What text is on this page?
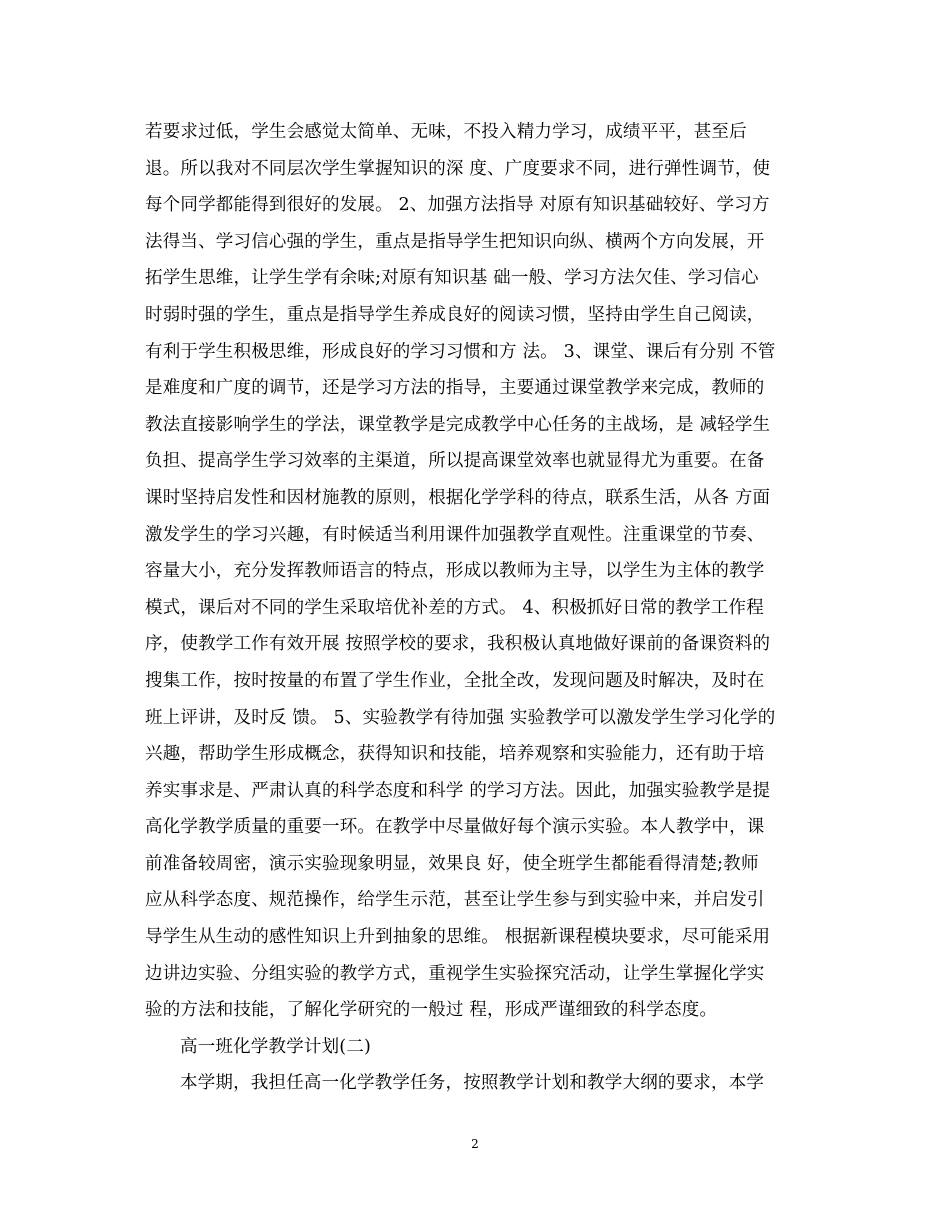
若要求过低，学生会感觉太简单、无味，不投入精力学习，成绩平平，甚至后
退。所以我对不同层次学生掌握知识的深 度、广度要求不同，进行弹性调节，使
每个同学都能得到很好的发展。 2、加强方法指导 对原有知识基础较好、学习方
法得当、学习信心强的学生，重点是指导学生把知识向纵、横两个方向发展，开
拓学生思维，让学生学有余味;对原有知识基 础一般、学习方法欠佳、学习信心
时弱时强的学生，重点是指导学生养成良好的阅读习惯，坚持由学生自己阅读，
有利于学生积极思维，形成良好的学习习惯和方 法。 3、课堂、课后有分别 不管
是难度和广度的调节，还是学习方法的指导，主要通过课堂教学来完成，教师的
教法直接影响学生的学法，课堂教学是完成教学中心任务的主战场，是 减轻学生
负担、提高学生学习效率的主渠道，所以提高课堂效率也就显得尤为重要。在备
课时坚持启发性和因材施教的原则，根据化学学科的待点，联系生活，从各 方面
激发学生的学习兴趣，有时候适当利用课件加强教学直观性。注重课堂的节奏、
容量大小，充分发挥教师语言的特点，形成以教师为主导，以学生为主体的教学
模式，课后对不同的学生采取培优补差的方式。 4、积极抓好日常的教学工作程
序，使教学工作有效开展 按照学校的要求，我积极认真地做好课前的备课资料的
搜集工作，按时按量的布置了学生作业，全批全改，发现问题及时解决，及时在
班上评讲，及时反 馈。 5、实验教学有待加强 实验教学可以激发学生学习化学的
兴趣，帮助学生形成概念，获得知识和技能，培养观察和实验能力，还有助于培
养实事求是、严肃认真的科学态度和科学 的学习方法。因此，加强实验教学是提
高化学教学质量的重要一环。在教学中尽量做好每个演示实验。本人教学中，课
前准备较周密，演示实验现象明显，效果良 好，使全班学生都能看得清楚;教师
应从科学态度、规范操作，给学生示范，甚至让学生参与到实验中来，并启发引
导学生从生动的感性知识上升到抽象的思维。 根据新课程模块要求，尽可能采用
边讲边实验、分组实验的教学方式，重视学生实验探究活动，让学生掌握化学实
验的方法和技能，了解化学研究的一般过 程，形成严谨细致的科学态度。
高一班化学教学计划(二)
本学期，我担任高一化学教学任务，按照教学计划和教学大纲的要求，本学
2
